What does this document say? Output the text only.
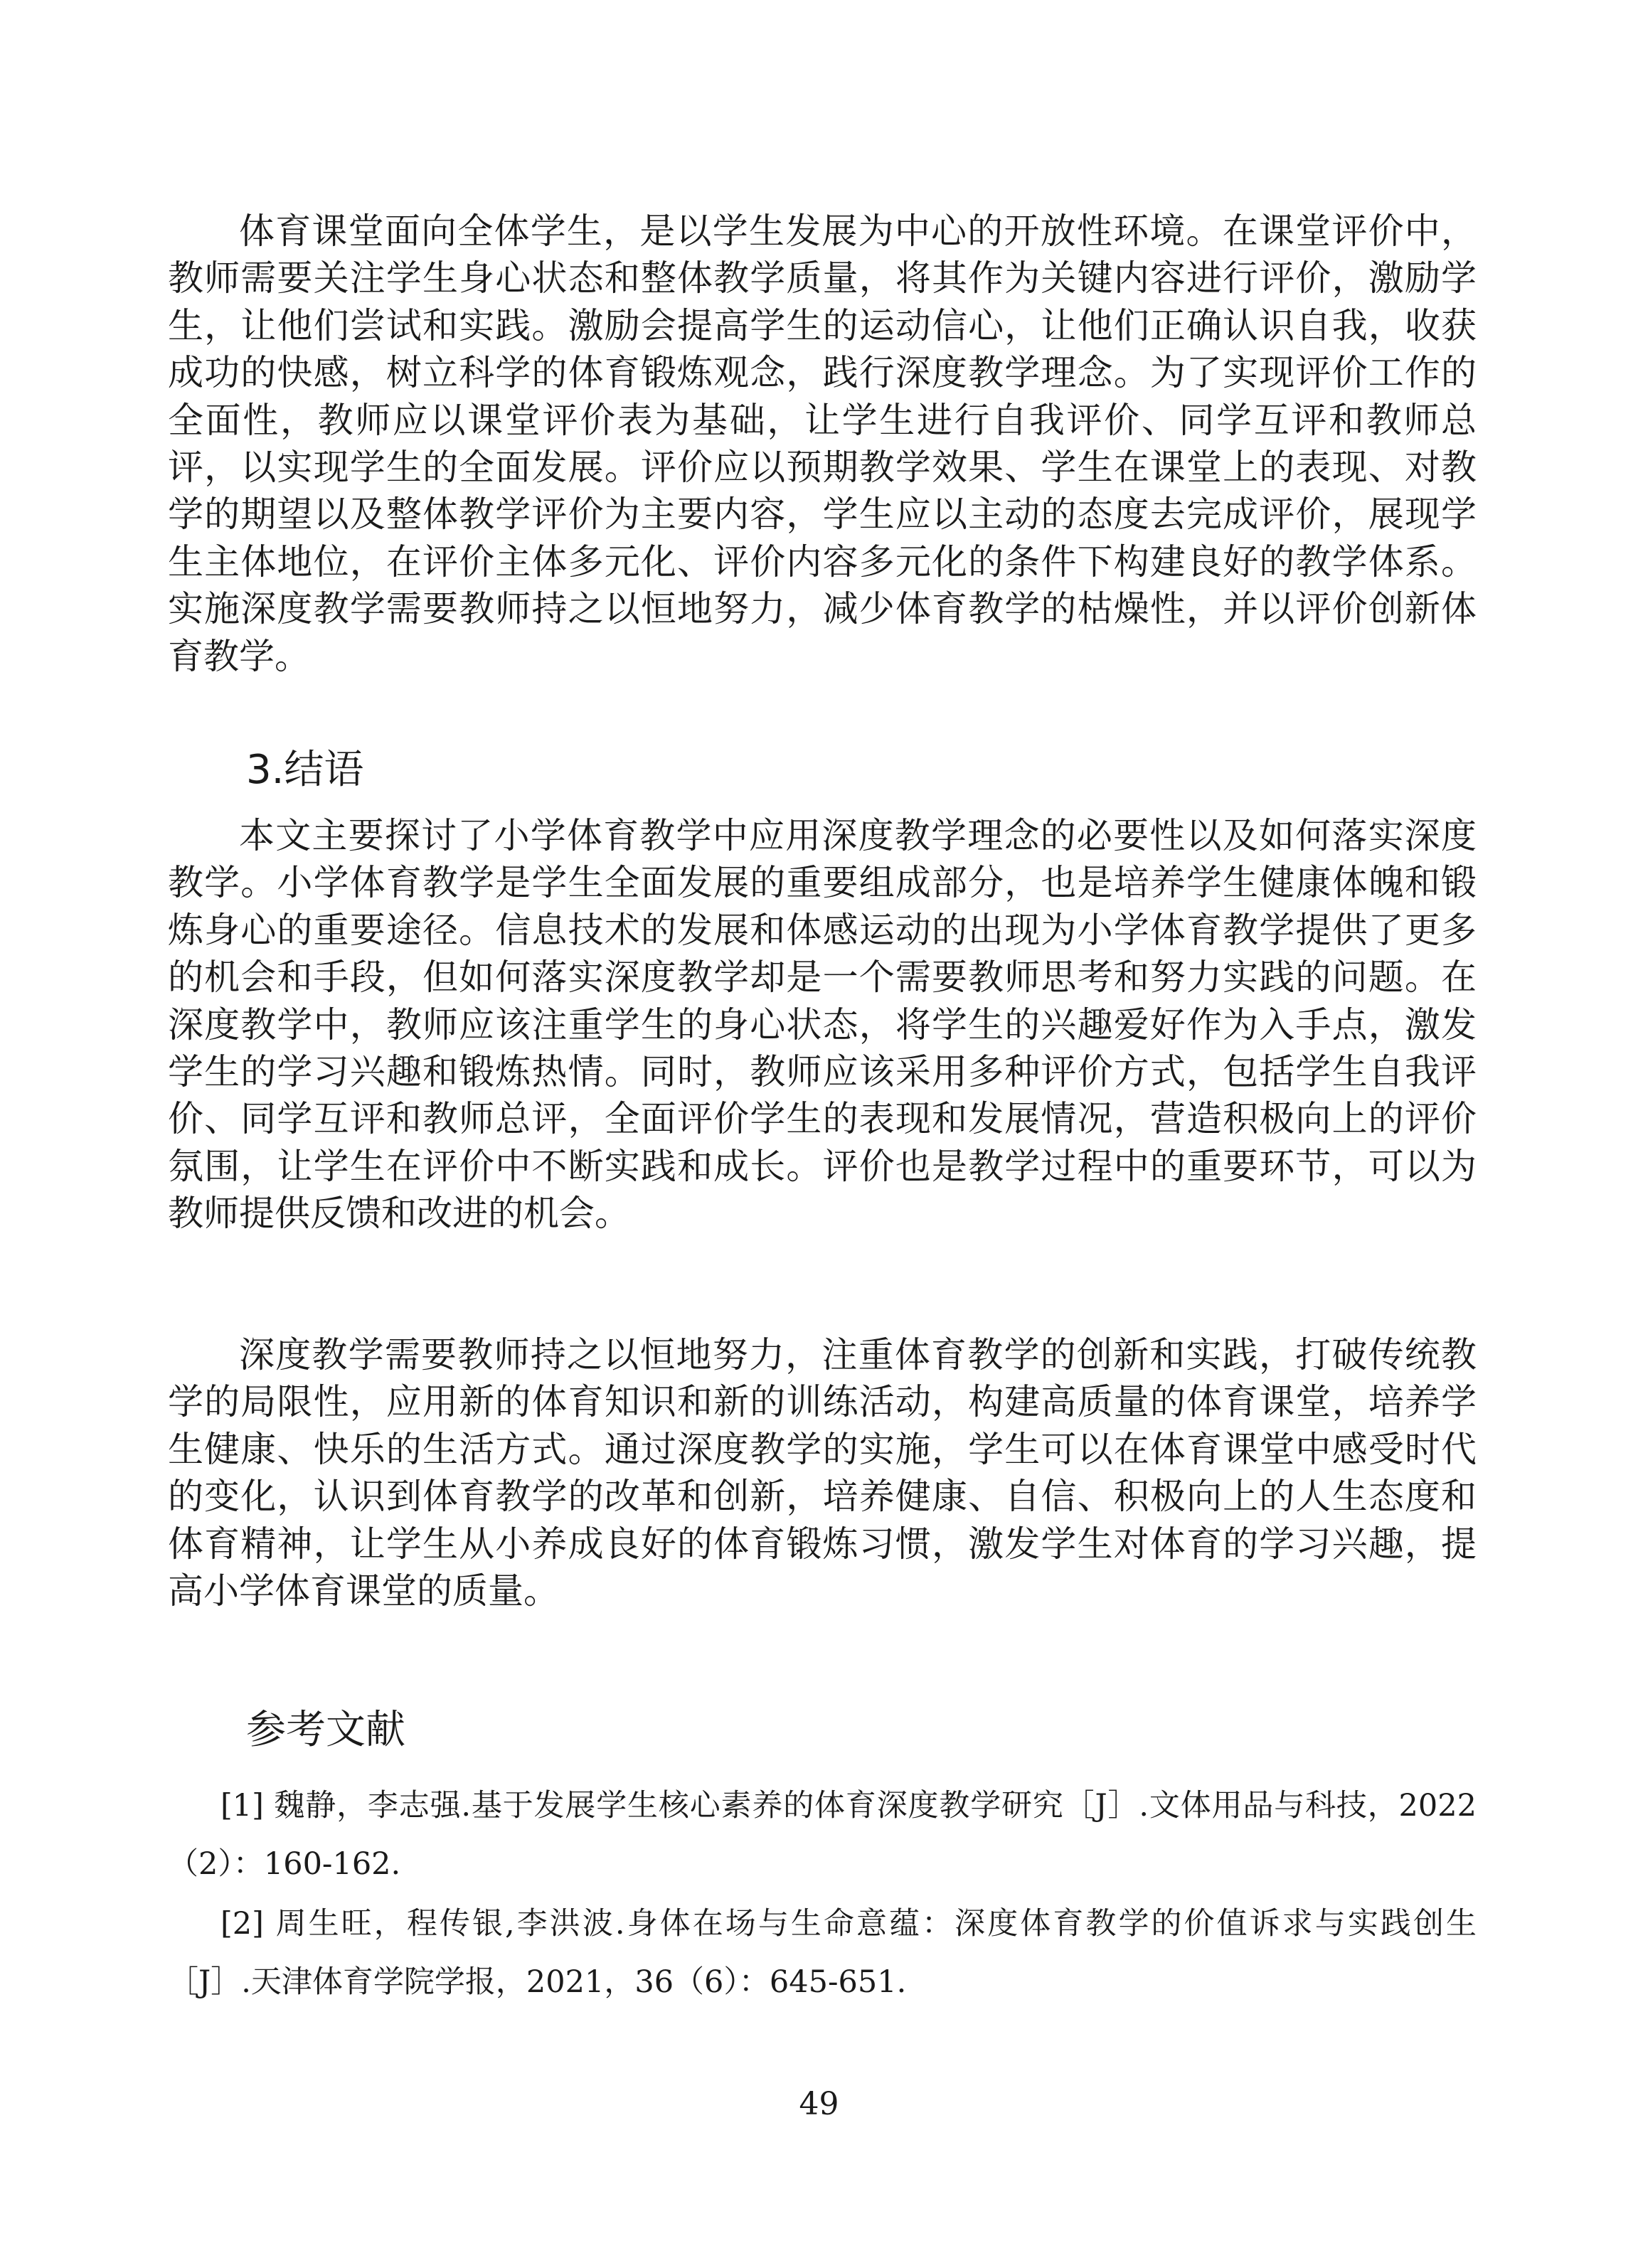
体育课堂面向全体学生，是以学生发展为中心的开放性环境。在课堂评价中，教师需要关注学生身心状态和整体教学质量，将其作为关键内容进行评价，激励学生，让他们尝试和实践。激励会提高学生的运动信心，让他们正确认识自我，收获成功的快感，树立科学的体育锻炼观念，践行深度教学理念。为了实现评价工作的全面性，教师应以课堂评价表为基础，让学生进行自我评价、同学互评和教师总评，以实现学生的全面发展。评价应以预期教学效果、学生在课堂上的表现、对教学的期望以及整体教学评价为主要内容，学生应以主动的态度去完成评价，展现学生主体地位，在评价主体多元化、评价内容多元化的条件下构建良好的教学体系。实施深度教学需要教师持之以恒地努力，减少体育教学的枯燥性，并以评价创新体育教学。

3.结语

本文主要探讨了小学体育教学中应用深度教学理念的必要性以及如何落实深度教学。小学体育教学是学生全面发展的重要组成部分，也是培养学生健康体魄和锻炼身心的重要途径。信息技术的发展和体感运动的出现为小学体育教学提供了更多的机会和手段，但如何落实深度教学却是一个需要教师思考和努力实践的问题。在深度教学中，教师应该注重学生的身心状态，将学生的兴趣爱好作为入手点，激发学生的学习兴趣和锻炼热情。同时，教师应该采用多种评价方式，包括学生自我评价、同学互评和教师总评，全面评价学生的表现和发展情况，营造积极向上的评价氛围，让学生在评价中不断实践和成长。评价也是教学过程中的重要环节，可以为教师提供反馈和改进的机会。

深度教学需要教师持之以恒地努力，注重体育教学的创新和实践，打破传统教学的局限性，应用新的体育知识和新的训练活动，构建高质量的体育课堂，培养学生健康、快乐的生活方式。通过深度教学的实施，学生可以在体育课堂中感受时代的变化，认识到体育教学的改革和创新，培养健康、自信、积极向上的人生态度和体育精神，让学生从小养成良好的体育锻炼习惯，激发学生对体育的学习兴趣，提高小学体育课堂的质量。

参考文献

[1] 魏静，李志强.基于发展学生核心素养的体育深度教学研究［J］.文体用品与科技，2022（2）：160-162.

[2] 周生旺，程传银,李洪波.身体在场与生命意蕴：深度体育教学的价值诉求与实践创生［J］.天津体育学院学报，2021，36（6）：645-651.

49
